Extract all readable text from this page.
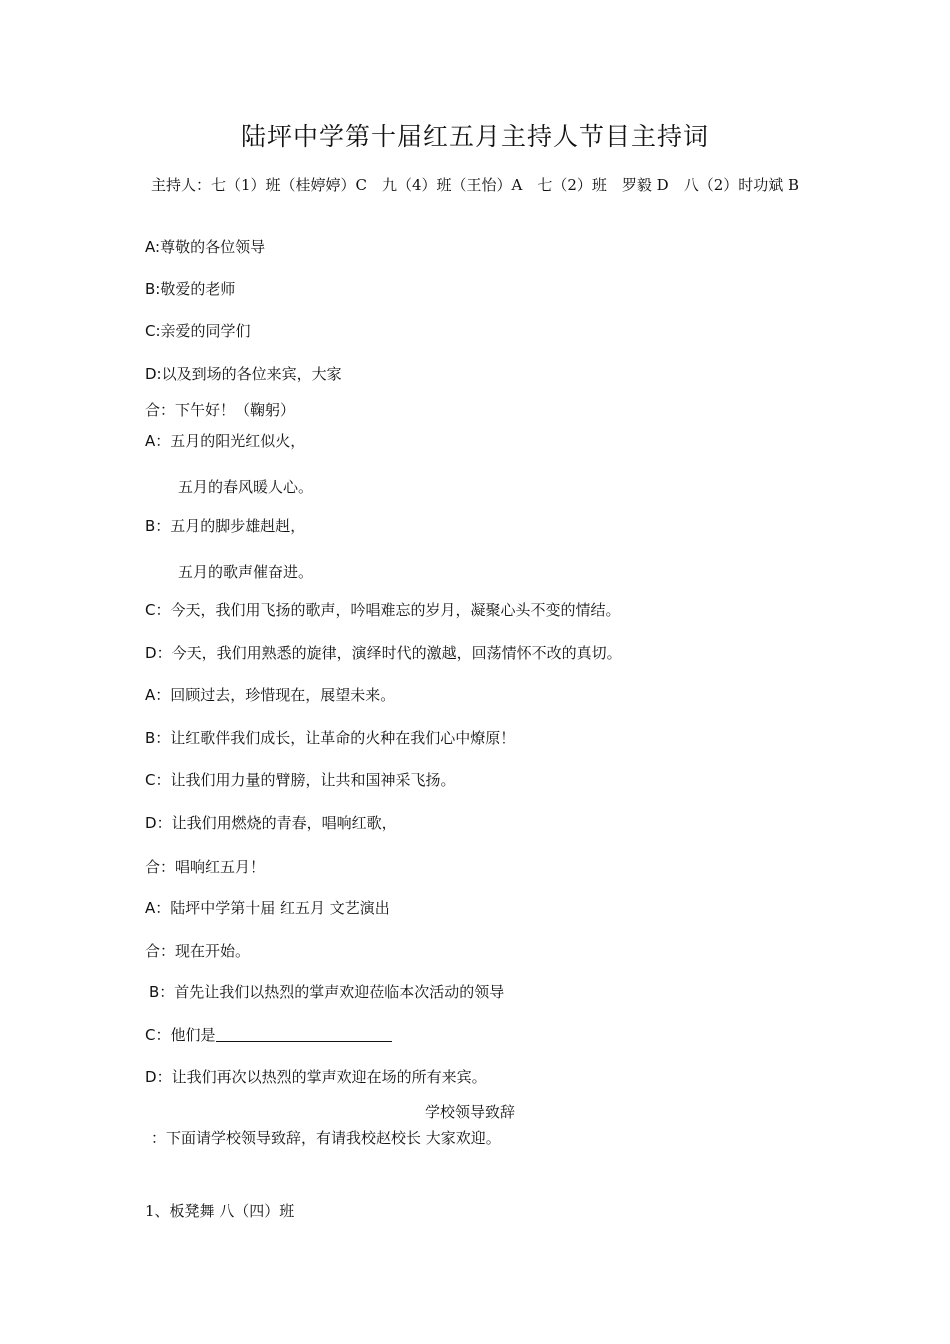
陆坪中学第十届红五月主持人节目主持词
主持人：七（1）班（桂婷婷）C　九（4）班（王怡）A　七（2）班　罗毅 D　八（2）时功斌 B
A:尊敬的各位领导
B:敬爱的老师
C:亲爱的同学们
D:以及到场的各位来宾，大家
合：下午好！（鞠躬）
A：五月的阳光红似火，
五月的春风暖人心。
B：五月的脚步雄赳赳，
五月的歌声催奋进。
C：今天，我们用飞扬的歌声，吟唱难忘的岁月，凝聚心头不变的情结。
D：今天，我们用熟悉的旋律，演绎时代的激越，回荡情怀不改的真切。
A：回顾过去，珍惜现在，展望未来。
B：让红歌伴我们成长，让革命的火种在我们心中燎原！
C：让我们用力量的臂膀，让共和国神采飞扬。
D：让我们用燃烧的青春，唱响红歌，
合：唱响红五月！
A：陆坪中学第十届 红五月 文艺演出
合：现在开始。
B：首先让我们以热烈的掌声欢迎莅临本次活动的领导
C：他们是
D：让我们再次以热烈的掌声欢迎在场的所有来宾。
学校领导致辞
：下面请学校领导致辞，有请我校赵校长 大家欢迎。
1、板凳舞 八（四）班
